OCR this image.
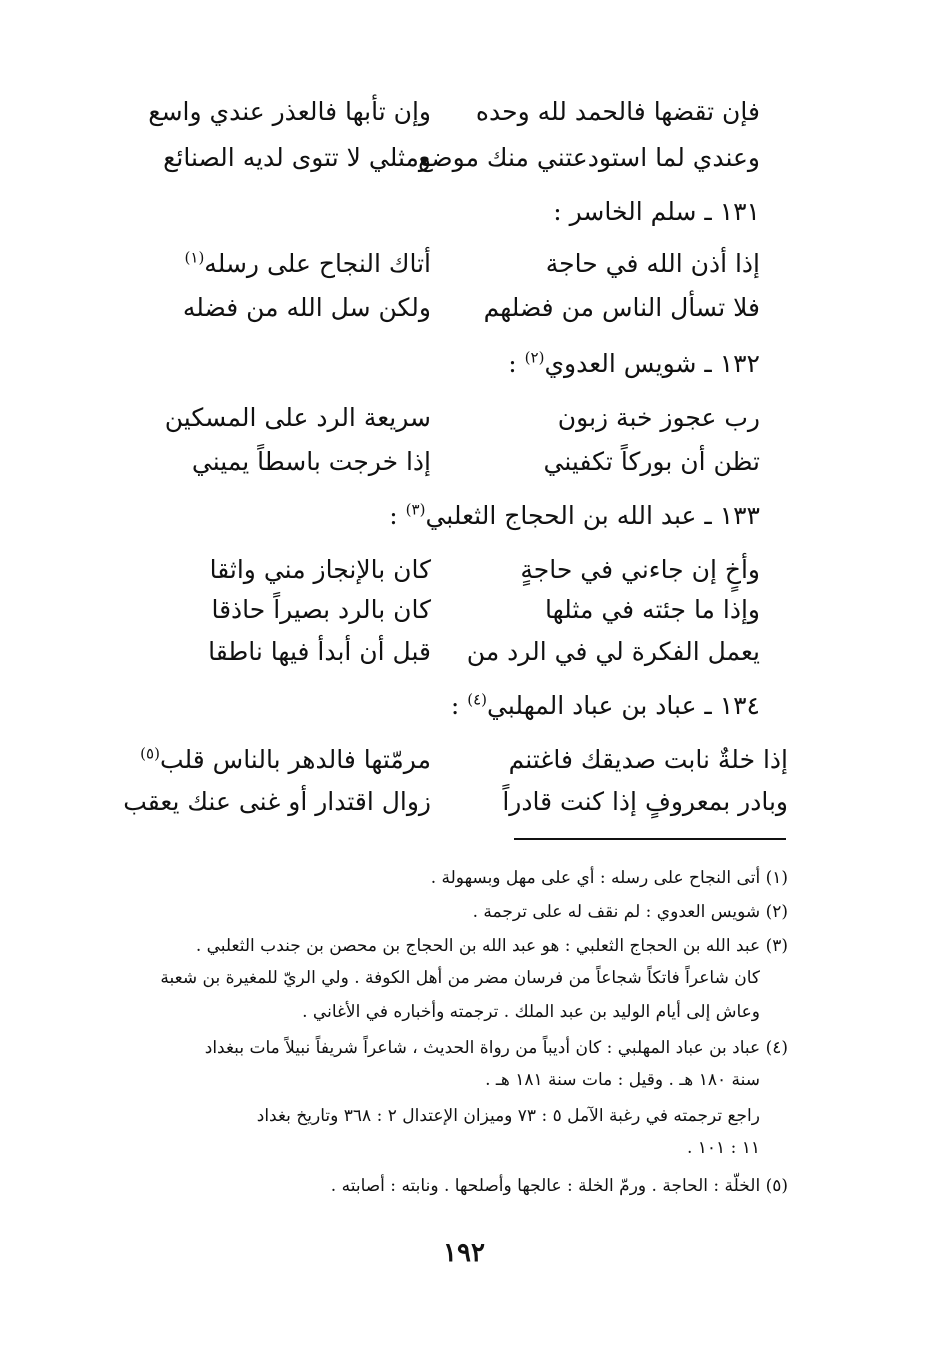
فإن تقضها فالحمد لله وحده
وإن تأبها فالعذر عندي واسع
وعندي لما استودعتني منك موضع
ومثلي لا تتوى لديه الصنائع
١٣١ ـ سلم الخاسر :
إذا أذن الله في حاجة
أتاك النجاح على رسله$^{(١)}$
فلا تسأل الناس من فضلهم
ولكن سل الله من فضله
١٣٢ ـ شويس العدوي$^{(٢)}$ :
رب عجوز خبة زبون
سريعة الرد على المسكين
تظن أن بوركاً تكفيني
إذا خرجت باسطاً يميني
١٣٣ ـ عبد الله بن الحجاج الثعلبي$^{(٣)}$ :
وأخٍ إن جاءني في حاجةٍ
كان بالإنجاز مني واثقا
وإذا ما جئته في مثلها
كان بالرد بصيراً حاذقا
يعمل الفكرة لي في الرد من
قبل أن أبدأ فيها ناطقا
١٣٤ ـ عباد بن عباد المهلبي$^{(٤)}$ :
إذا خلةٌ نابت صديقك فاغتنم
مرمّتها فالدهر بالناس قلب$^{(٥)}$
وبادر بمعروفٍ إذا كنت قادراً
زوال اقتدار أو غنى عنك يعقب
(١) أتى النجاح على رسله : أي على مهل وبسهولة .
(٢) شويس العدوي : لم نقف له على ترجمة .
(٣) عبد الله بن الحجاج الثعلبي : هو عبد الله بن الحجاج بن محصن بن جندب الثعلبي .
كان شاعراً فاتكاً شجاعاً من فرسان مضر من أهل الكوفة . ولي الريّ للمغيرة بن شعبة
وعاش إلى أيام الوليد بن عبد الملك . ترجمته وأخباره في الأغاني .
(٤) عباد بن عباد المهلبي : كان أديباً من رواة الحديث ، شاعراً شريفاً نبيلاً مات ببغداد
سنة ١٨٠ هـ . وقيل : مات سنة ١٨١ هـ .
راجع ترجمته في رغبة الآمل ٥ : ٧٣ وميزان الإعتدال ٢ : ٣٦٨ وتاريخ بغداد
١١ : ١٠١ .
(٥) الخلّة : الحاجة . ورمّ الخلة : عالجها وأصلحها . ونابته : أصابته .
١٩٢
